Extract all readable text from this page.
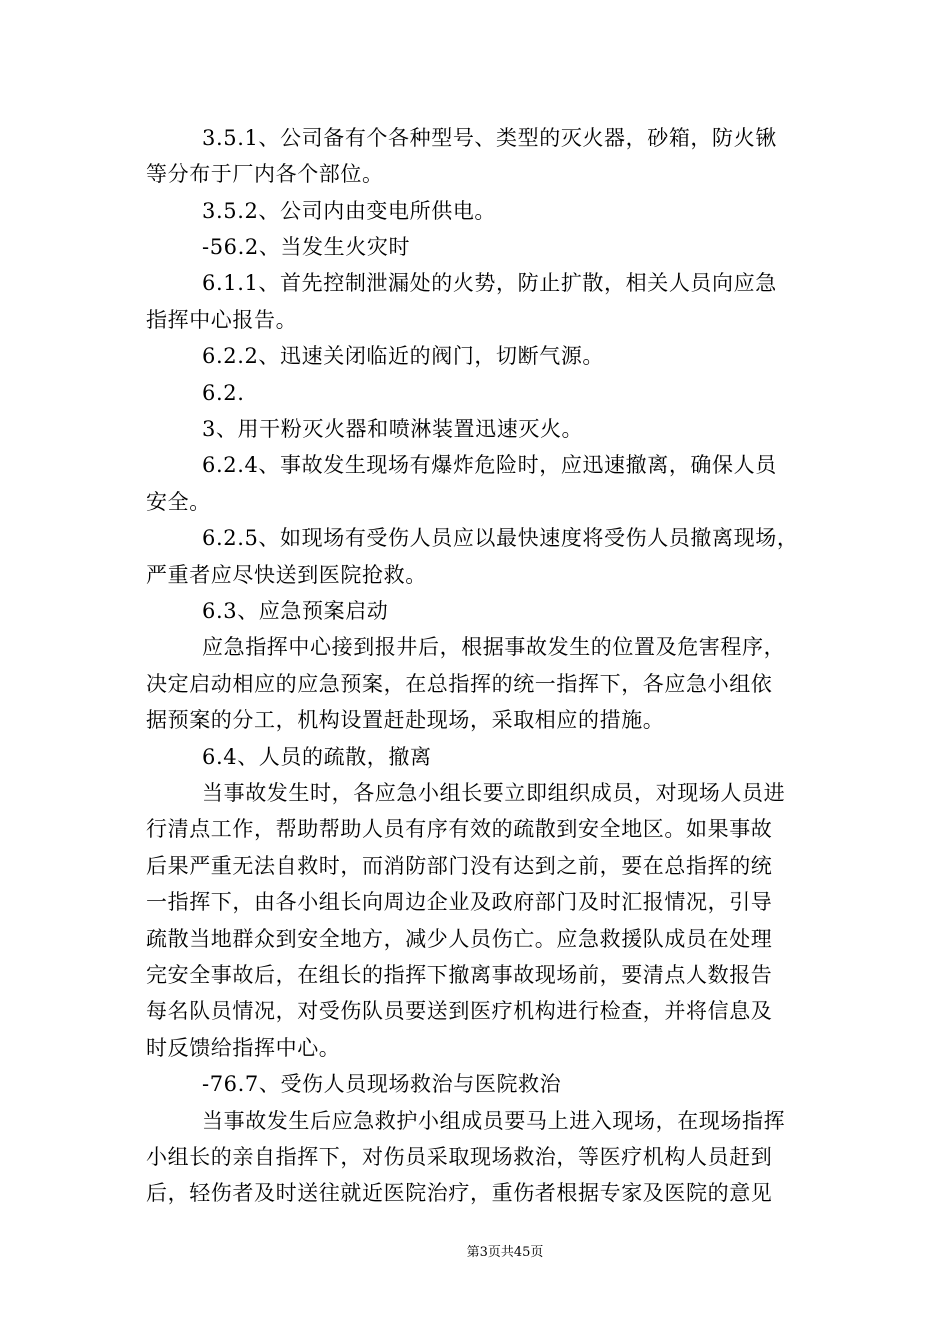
3.5.1、公司备有个各种型号、类型的灭火器，砂箱，防火锹
等分布于厂内各个部位。
3.5.2、公司内由变电所供电。
-56.2、当发生火灾时
6.1.1、首先控制泄漏处的火势，防止扩散，相关人员向应急
指挥中心报告。
6.2.2、迅速关闭临近的阀门，切断气源。
6.2.
3、用干粉灭火器和喷淋装置迅速灭火。
6.2.4、事故发生现场有爆炸危险时，应迅速撤离，确保人员
安全。
6.2.5、如现场有受伤人员应以最快速度将受伤人员撤离现场，
严重者应尽快送到医院抢救。
6.3、应急预案启动
应急指挥中心接到报井后，根据事故发生的位置及危害程序，
决定启动相应的应急预案，在总指挥的统一指挥下，各应急小组依
据预案的分工，机构设置赶赴现场，采取相应的措施。
6.4、人员的疏散，撤离
当事故发生时，各应急小组长要立即组织成员，对现场人员进
行清点工作，帮助帮助人员有序有效的疏散到安全地区。如果事故
后果严重无法自救时，而消防部门没有达到之前，要在总指挥的统
一指挥下，由各小组长向周边企业及政府部门及时汇报情况，引导
疏散当地群众到安全地方，减少人员伤亡。应急救援队成员在处理
完安全事故后，在组长的指挥下撤离事故现场前，要清点人数报告
每名队员情况，对受伤队员要送到医疗机构进行检查，并将信息及
时反馈给指挥中心。
-76.7、受伤人员现场救治与医院救治
当事故发生后应急救护小组成员要马上进入现场，在现场指挥
小组长的亲自指挥下，对伤员采取现场救治，等医疗机构人员赶到
后，轻伤者及时送往就近医院治疗，重伤者根据专家及医院的意见
第3页共45页
